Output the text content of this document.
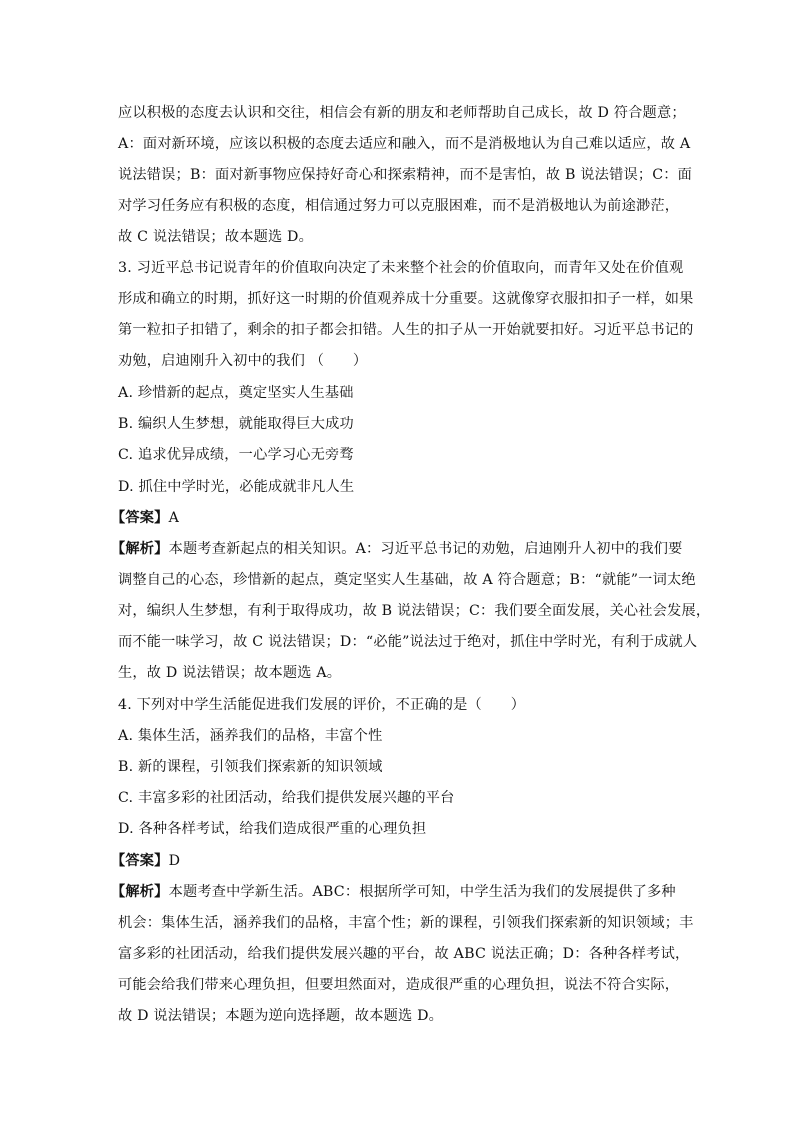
应以积极的态度去认识和交往，相信会有新的朋友和老师帮助自己成长，故 D 符合题意；
A：面对新环境，应该以积极的态度去适应和融入，而不是消极地认为自己难以适应，故 A
说法错误；B：面对新事物应保持好奇心和探索精神，而不是害怕，故 B 说法错误；C：面
对学习任务应有积极的态度，相信通过努力可以克服困难，而不是消极地认为前途渺茫，
故 C 说法错误；故本题选 D。
3. 习近平总书记说青年的价值取向决定了未来整个社会的价值取向，而青年又处在价值观
形成和确立的时期，抓好这一时期的价值观养成十分重要。这就像穿衣服扣扣子一样，如果
第一粒扣子扣错了，剩余的扣子都会扣错。人生的扣子从一开始就要扣好。习近平总书记的
劝勉，启迪刚升入初中的我们 （　　）
A. 珍惜新的起点，奠定坚实人生基础
B. 编织人生梦想，就能取得巨大成功
C. 追求优异成绩，一心学习心无旁骛
D. 抓住中学时光，必能成就非凡人生
【答案】A
【解析】本题考查新起点的相关知识。A：习近平总书记的劝勉，启迪刚升人初中的我们要
调整自己的心态，珍惜新的起点，奠定坚实人生基础，故 A 符合题意；B：“就能”一词太绝
对，编织人生梦想，有利于取得成功，故 B 说法错误；C：我们要全面发展，关心社会发展，
而不能一味学习，故 C 说法错误；D：“必能”说法过于绝对，抓住中学时光，有利于成就人
生，故 D 说法错误；故本题选 A。
4. 下列对中学生活能促进我们发展的评价，不正确的是（　　）
A. 集体生活，涵养我们的品格，丰富个性
B. 新的课程，引领我们探索新的知识领域
C. 丰富多彩的社团活动，给我们提供发展兴趣的平台
D. 各种各样考试，给我们造成很严重的心理负担
【答案】D
【解析】本题考查中学新生活。ABC：根据所学可知，中学生活为我们的发展提供了多种
机会：集体生活，涵养我们的品格，丰富个性；新的课程，引领我们探索新的知识领域；丰
富多彩的社团活动，给我们提供发展兴趣的平台，故 ABC 说法正确；D：各种各样考试，
可能会给我们带来心理负担，但要坦然面对，造成很严重的心理负担，说法不符合实际，
故 D 说法错误；本题为逆向选择题，故本题选 D。
